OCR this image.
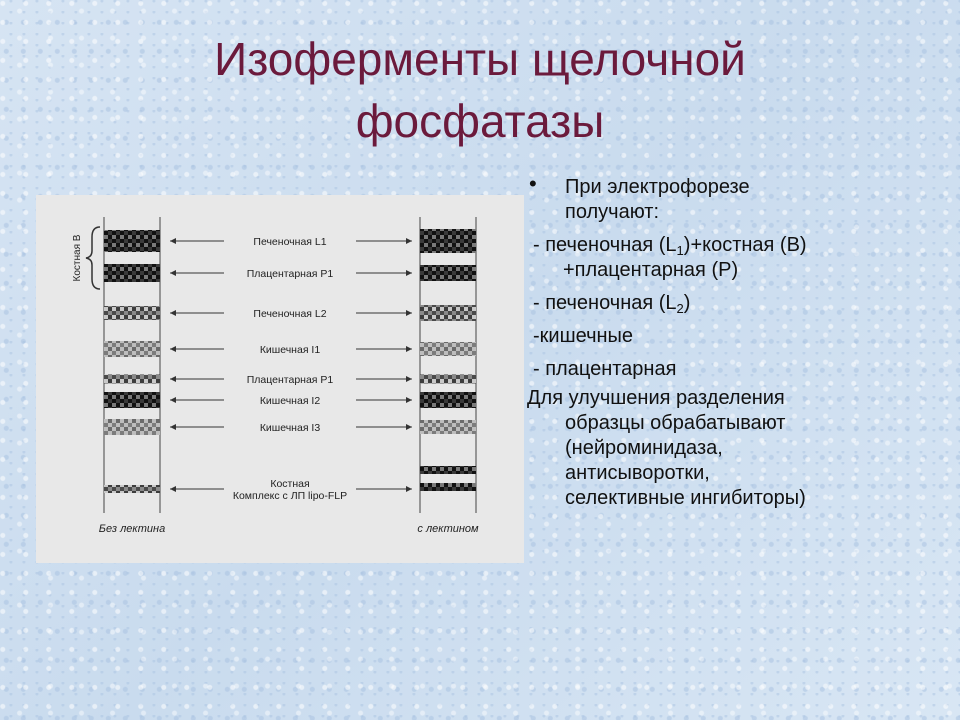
Изоферменты щелочной
фосфатазы
Костная B
Без лектина	с лектином
Печеночная L1
Плацентарная P1
Печеночная L2
Кишечная I1
Плацентарная P1
Кишечная I2
Кишечная I3
Костная
Комплекс с ЛП lipo-FLP
• При электрофорезе
получают:
- печеночная $(L_1)+костная$ (В)
+плацентарная (Р)
- печеночная $(L_2)$
-кишечные
- плацентарная
Для улучшения разделения
образцы обрабатывают
(нейроминидаза,
антисыворотки,
селективные ингибиторы)
